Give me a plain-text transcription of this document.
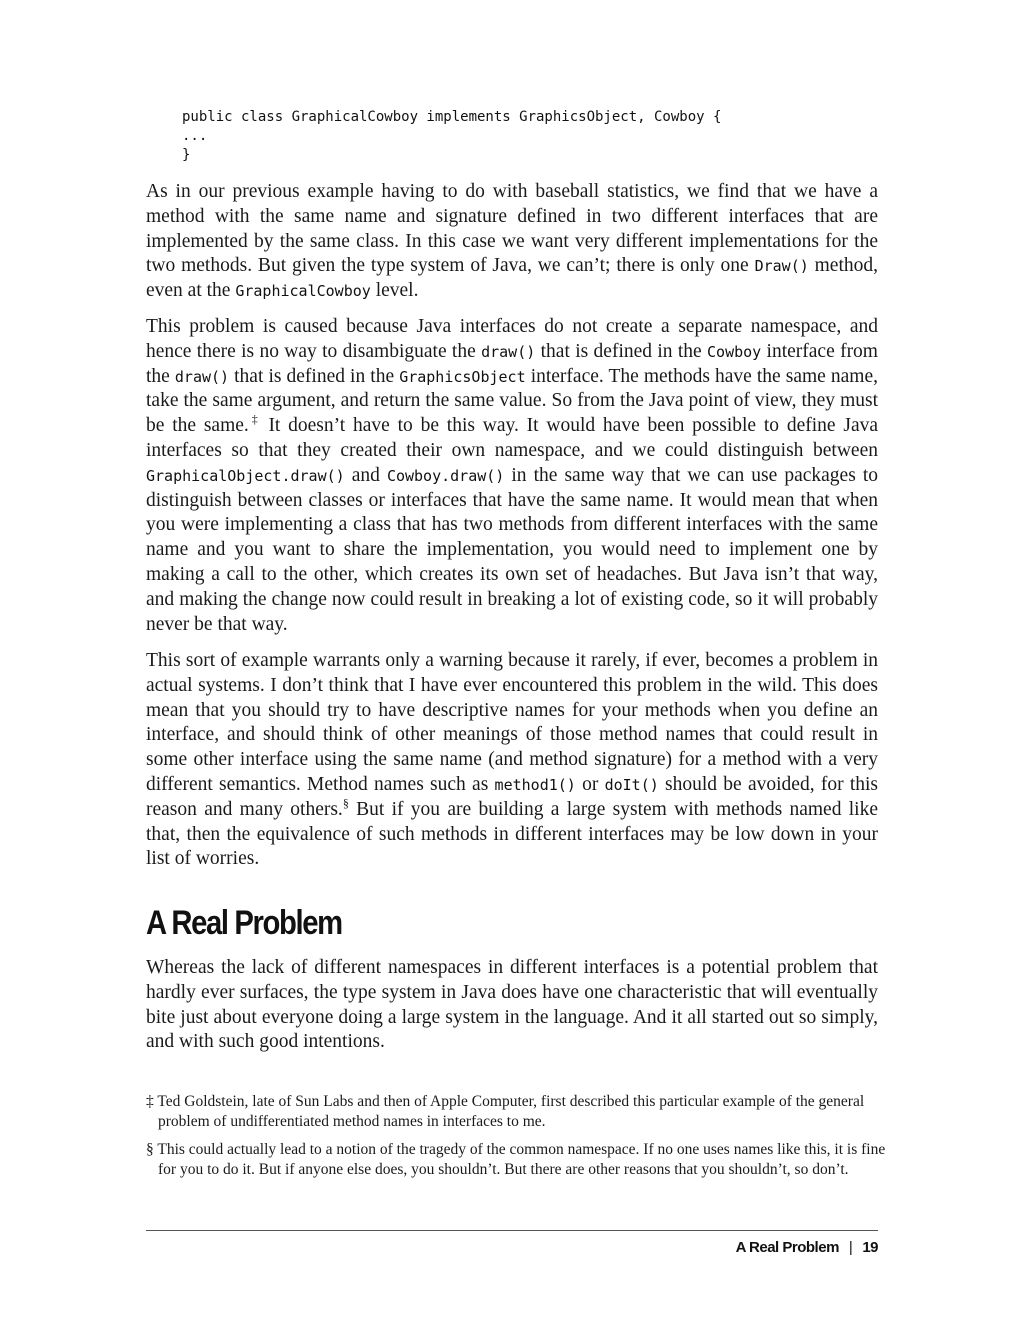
public class GraphicalCowboy implements GraphicsObject, Cowboy {
...
}

As in our previous example having to do with baseball statistics, we find that we have a method with the same name and signature defined in two different interfaces that are implemented by the same class. In this case we want very different implementations for the two methods. But given the type system of Java, we can’t; there is only one Draw() method, even at the GraphicalCowboy level.

This problem is caused because Java interfaces do not create a separate namespace, and hence there is no way to disambiguate the draw() that is defined in the Cowboy interface from the draw() that is defined in the GraphicsObject interface. The methods have the same name, take the same argument, and return the same value. So from the Java point of view, they must be the same.‡ It doesn’t have to be this way. It would have been possible to define Java interfaces so that they created their own namespace, and we could distinguish between GraphicalObject.draw() and Cowboy.draw() in the same way that we can use packages to distinguish between classes or interfaces that have the same name. It would mean that when you were implementing a class that has two methods from different interfaces with the same name and you want to share the implementation, you would need to implement one by making a call to the other, which creates its own set of headaches. But Java isn’t that way, and making the change now could result in breaking a lot of existing code, so it will probably never be that way.

This sort of example warrants only a warning because it rarely, if ever, becomes a problem in actual systems. I don’t think that I have ever encountered this problem in the wild. This does mean that you should try to have descriptive names for your methods when you define an interface, and should think of other meanings of those method names that could result in some other interface using the same name (and method signature) for a method with a very different semantics. Method names such as method1() or doIt() should be avoided, for this reason and many others.§ But if you are building a large system with methods named like that, then the equivalence of such methods in different interfaces may be low down in your list of worries.

A Real Problem

Whereas the lack of different namespaces in different interfaces is a potential problem that hardly ever surfaces, the type system in Java does have one characteristic that will eventually bite just about everyone doing a large system in the language. And it all started out so simply, and with such good intentions.

‡ Ted Goldstein, late of Sun Labs and then of Apple Computer, first described this particular example of the general problem of undifferentiated method names in interfaces to me.

§ This could actually lead to a notion of the tragedy of the common namespace. If no one uses names like this, it is fine for you to do it. But if anyone else does, you shouldn’t. But there are other reasons that you shouldn’t, so don’t.

A Real Problem | 19
